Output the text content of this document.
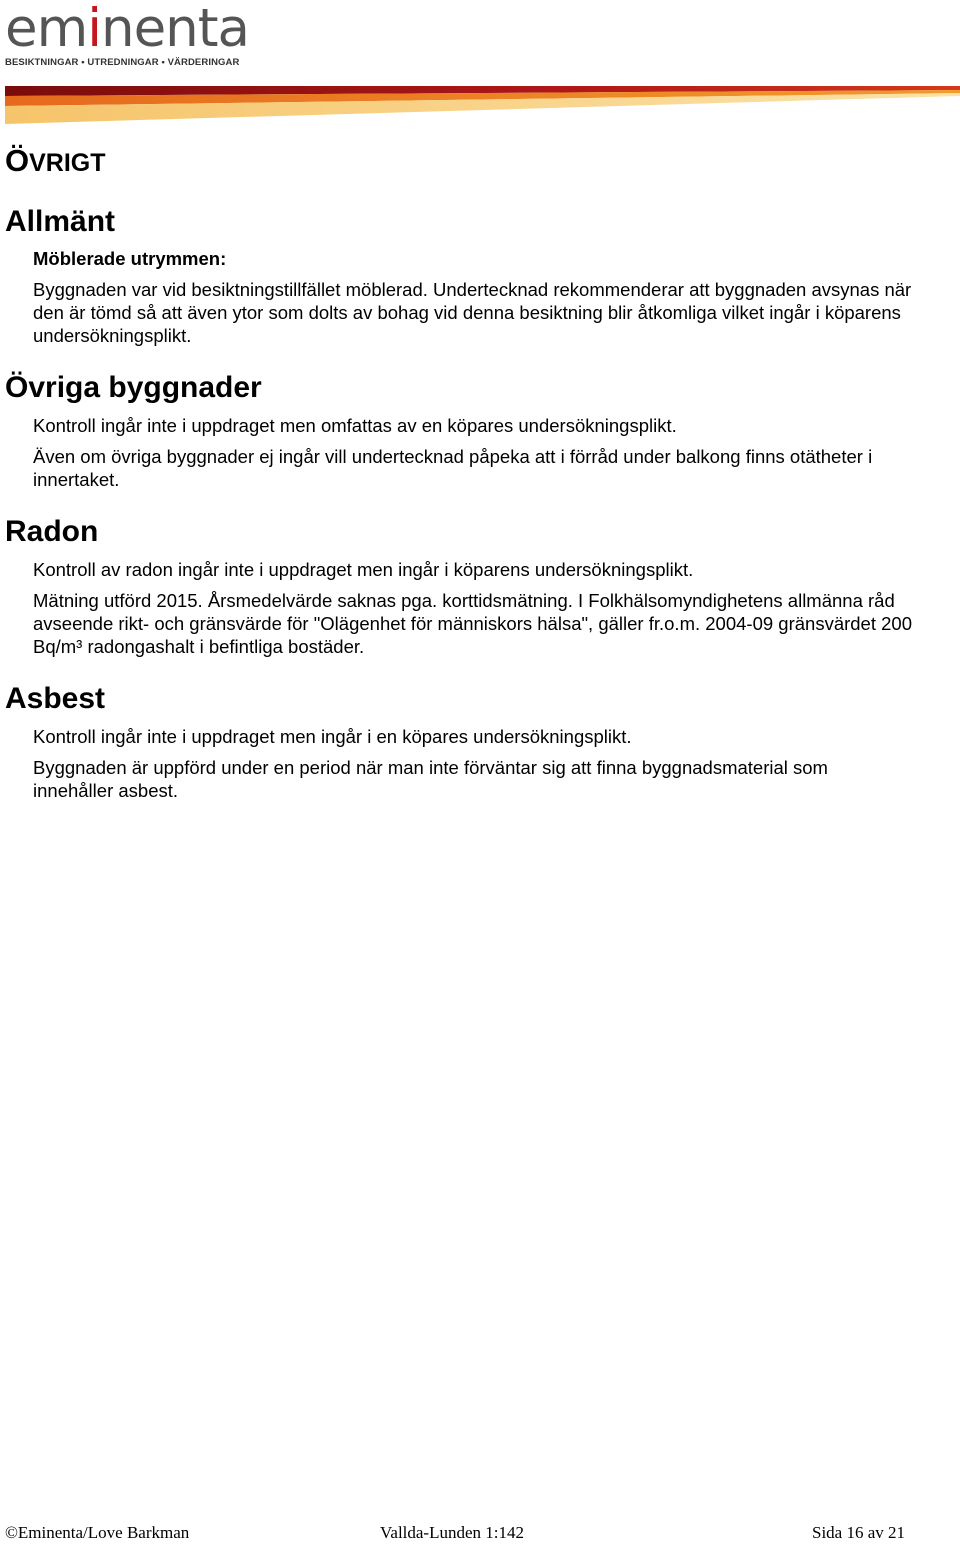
eminenta
BESIKTNINGAR • UTREDNINGAR • VÄRDERINGAR
ÖVRIGT
Allmänt
Möblerade utrymmen:
Byggnaden var vid besiktningstillfället möblerad. Undertecknad rekommenderar att byggnaden avsynas när den är tömd så att även ytor som dolts av bohag vid denna besiktning blir åtkomliga vilket ingår i köparens undersökningsplikt.
Övriga byggnader
Kontroll ingår inte i uppdraget men omfattas av en köpares undersökningsplikt.
Även om övriga byggnader ej ingår vill undertecknad påpeka att i förråd under balkong finns otätheter i innertaket.
Radon
Kontroll av radon ingår inte i uppdraget men ingår i köparens undersökningsplikt.
Mätning utförd 2015. Årsmedelvärde saknas pga. korttidsmätning. I Folkhälsomyndighetens allmänna råd avseende rikt- och gränsvärde för "Olägenhet för människors hälsa", gäller fr.o.m. 2004-09 gränsvärdet 200 Bq/m³ radongashalt i befintliga bostäder.
Asbest
Kontroll ingår inte i uppdraget men ingår i en köpares undersökningsplikt.
Byggnaden är uppförd under en period när man inte förväntar sig att finna byggnadsmaterial som innehåller asbest.
©Eminenta/Love Barkman	Vallda-Lunden 1:142	Sida 16 av 21
